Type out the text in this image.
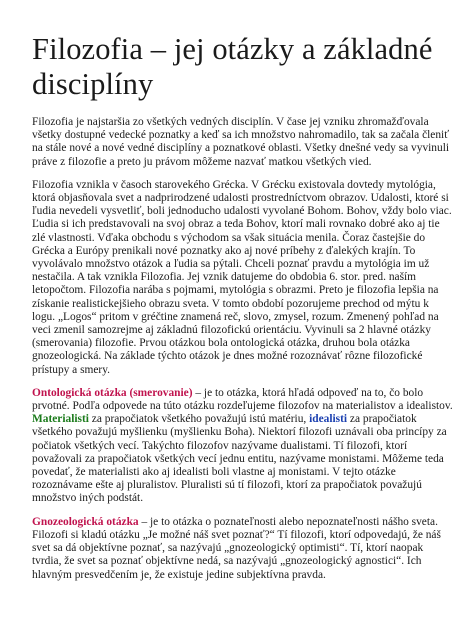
Filozofia – jej otázky a základné disciplíny

Filozofia je najstaršia zo všetkých vedných disciplín. V čase jej vzniku zhromažďovala všetky dostupné vedecké poznatky a keď sa ich množstvo nahromadilo, tak sa začala členiť na stále nové a nové vedné disciplíny a poznatkové oblasti. Všetky dnešné vedy sa vyvinuli práve z filozofie a preto ju právom môžeme nazvať matkou všetkých vied.

Filozofia vznikla v časoch starovekého Grécka. V Grécku existovala dovtedy mytológia, ktorá objasňovala svet a nadprirodzené udalosti prostredníctvom obrazov. Udalosti, ktoré si ľudia nevedeli vysvetliť, boli jednoducho udalosti vyvolané Bohom. Bohov, vždy bolo viac. Ľudia si ich predstavovali na svoj obraz a teda Bohov, ktorí mali rovnako dobré ako aj tie zlé vlastnosti. Vďaka obchodu s východom sa však situácia menila. Čoraz častejšie do Grécka a Európy prenikali nové poznatky ako aj nové príbehy z ďalekých krajín. To vyvolávalo množstvo otázok a ľudia sa pýtali. Chceli poznať pravdu a mytológia im už nestačila. A tak vznikla Filozofia. Jej vznik datujeme do obdobia 6. stor. pred. naším letopočtom. Filozofia narába s pojmami, mytológia s obrazmi. Preto je filozofia lepšia na získanie realistickejšieho obrazu sveta. V tomto období pozorujeme prechod od mýtu k logu. „Logos“ pritom v gréčtine znamená reč, slovo, zmysel, rozum. Zmenený pohľad na veci zmenil samozrejme aj základnú filozofickú orientáciu. Vyvinuli sa 2 hlavné otázky (smerovania) filozofie. Prvou otázkou bola ontologická otázka, druhou bola otázka gnozeologická. Na základe týchto otázok je dnes možné rozoznávať rôzne filozofické prístupy a smery.

Ontologická otázka (smerovanie) – je to otázka, ktorá hľadá odpoveď na to, čo bolo prvotné. Podľa odpovede na túto otázku rozdeľujeme filozofov na materialistov a idealistov. Materialisti za prapočiatok všetkého považujú istú matériu, idealisti za prapočiatok všetkého považujú myšlienku (myšlienku Boha). Niektorí filozofi uznávali oba princípy za počiatok všetkých vecí. Takýchto filozofov nazývame dualistami. Tí filozofi, ktorí považovali za prapočiatok všetkých vecí jednu entitu, nazývame monistami. Môžeme teda povedať, že materialisti ako aj idealisti boli vlastne aj monistami. V tejto otázke rozoznávame ešte aj pluralistov. Pluralisti sú tí filozofi, ktorí za prapočiatok považujú množstvo iných podstát.

Gnozeologická otázka – je to otázka o poznateľnosti alebo nepoznateľnosti nášho sveta. Filozofi si kladú otázku „Je možné náš svet poznať?“ Tí filozofi, ktorí odpovedajú, že náš svet sa dá objektívne poznať, sa nazývajú „gnozeologický optimisti“. Tí, ktorí naopak tvrdia, že svet sa poznať objektívne nedá, sa nazývajú „gnozeologický agnostici“. Ich hlavným presvedčením je, že existuje jedine subjektívna pravda.
